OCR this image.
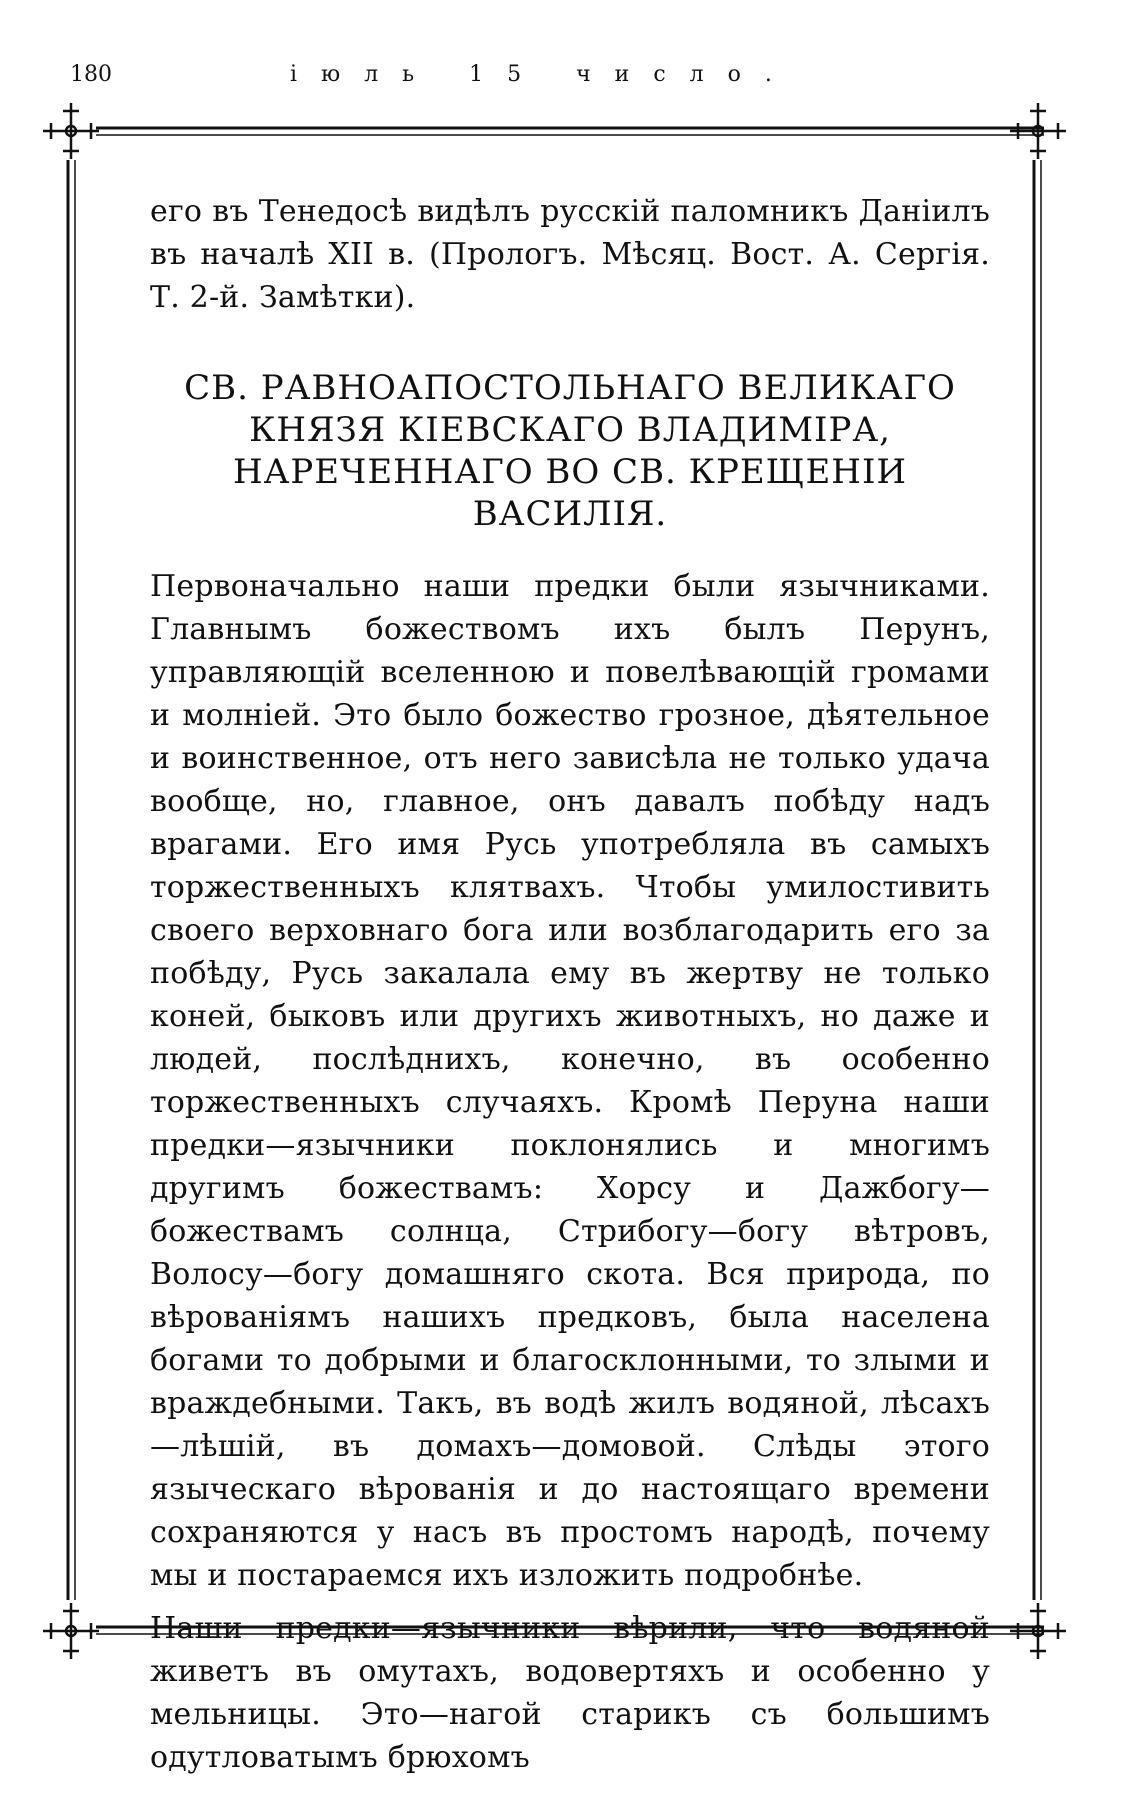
180	іюль 15 число.

его въ Тенедосѣ видѣлъ русскій паломникъ Даніилъ въ началѣ XII в. (Прологъ. Мѣсяц. Вост. А. Сергія. Т. 2-й. Замѣтки).

СВ. РАВНОАПОСТОЛЬНАГО ВЕЛИКАГО КНЯЗЯ КІЕВСКАГО ВЛАДИМІРА, НАРЕЧЕННАГО ВО СВ. КРЕЩЕНІИ ВАСИЛІЯ.

Первоначально наши предки были язычниками. Главнымъ божествомъ ихъ былъ Перунъ, управляющій вселенною и повелѣвающій громами и молніей. Это было божество грозное, дѣятельное и воинственное, отъ него зависѣла не только удача вообще, но, главное, онъ давалъ побѣду надъ врагами. Его имя Русь употребляла въ самыхъ торжественныхъ клятвахъ. Чтобы умилостивить своего верховнаго бога или возблагодарить его за побѣду, Русь закалала ему въ жертву не только коней, быковъ или другихъ животныхъ, но даже и людей, послѣднихъ, конечно, въ особенно торжественныхъ случаяхъ. Кромѣ Перуна наши предки—язычники поклонялись и многимъ другимъ божествамъ: Хорсу и Дажбогу—божествамъ солнца, Стрибогу—богу вѣтровъ, Волосу—богу домашняго скота. Вся природа, по вѣрованіямъ нашихъ предковъ, была населена богами то добрыми и благосклонными, то злыми и враждебными. Такъ, въ водѣ жилъ водяной, лѣсахъ—лѣшій, въ домахъ—домовой. Слѣды этого языческаго вѣрованія и до настоящаго времени сохраняются у насъ въ простомъ народѣ, почему мы и постараемся ихъ изложить подробнѣе.

Наши предки—язычники вѣрили, что водяной живетъ въ омутахъ, водовертяхъ и особенно у мельницы. Это—нагой старикъ съ большимъ одутловатымъ брюхомъ
